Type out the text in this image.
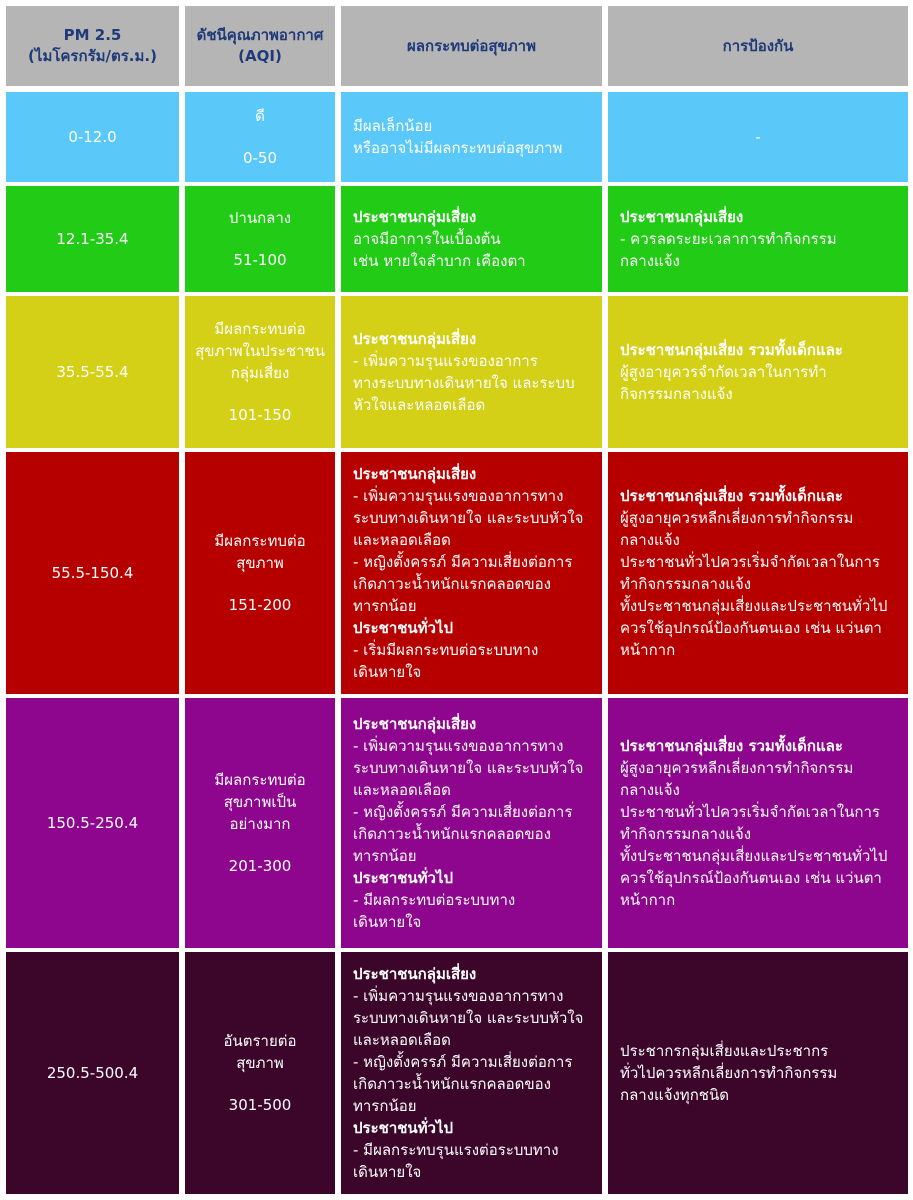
PM 2.5
(ไมโครกรัม/ตร.ม.)
ดัชนีคุณภาพอากาศ
(AQI)
ผลกระทบต่อสุขภาพ	การป้องกัน
0-12.0
ดี
0-50
มีผลเล็กน้อย
หรืออาจไม่มีผลกระทบต่อสุขภาพ
-
12.1-35.4
ปานกลาง
51-100
ประชาชนกลุ่มเสี่ยง
อาจมีอาการในเบื้องต้น
เช่น หายใจลำบาก เคืองตา
ประชาชนกลุ่มเสี่ยง
- ควรลดระยะเวลาการทำกิจกรรม
กลางแจ้ง
35.5-55.4
มีผลกระทบต่อ
สุขภาพในประชาชน
กลุ่มเสี่ยง
101-150
ประชาชนกลุ่มเสี่ยง
- เพิ่มความรุนแรงของอาการ
ทางระบบทางเดินหายใจ และระบบ
หัวใจและหลอดเลือด
ประชาชนกลุ่มเสี่ยง รวมทั้งเด็กและ
ผู้สูงอายุควรจำกัดเวลาในการทำ
กิจกรรมกลางแจ้ง
55.5-150.4
มีผลกระทบต่อ
สุขภาพ
151-200
ประชาชนกลุ่มเสี่ยง
- เพิ่มความรุนแรงของอาการทาง
ระบบทางเดินหายใจ และระบบหัวใจ
และหลอดเลือด
- หญิงตั้งครรภ์ มีความเสี่ยงต่อการ
เกิดภาวะน้ำหนักแรกคลอดของ
ทารกน้อย
ประชาชนทั่วไป
- เริ่มมีผลกระทบต่อระบบทาง
เดินหายใจ
ประชาชนกลุ่มเสี่ยง รวมทั้งเด็กและ
ผู้สูงอายุควรหลีกเลี่ยงการทำกิจกรรม
กลางแจ้ง
ประชาชนทั่วไปควรเริ่มจำกัดเวลาในการ
ทำกิจกรรมกลางแจ้ง
ทั้งประชาชนกลุ่มเสี่ยงและประชาชนทั่วไป
ควรใช้อุปกรณ์ป้องกันตนเอง เช่น แว่นตา
หน้ากาก
150.5-250.4
มีผลกระทบต่อ
สุขภาพเป็น
อย่างมาก
201-300
ประชาชนกลุ่มเสี่ยง
- เพิ่มความรุนแรงของอาการทาง
ระบบทางเดินหายใจ และระบบหัวใจ
และหลอดเลือด
- หญิงตั้งครรภ์ มีความเสี่ยงต่อการ
เกิดภาวะน้ำหนักแรกคลอดของ
ทารกน้อย
ประชาชนทั่วไป
- มีผลกระทบต่อระบบทาง
เดินหายใจ
ประชาชนกลุ่มเสี่ยง รวมทั้งเด็กและ
ผู้สูงอายุควรหลีกเลี่ยงการทำกิจกรรม
กลางแจ้ง
ประชาชนทั่วไปควรเริ่มจำกัดเวลาในการ
ทำกิจกรรมกลางแจ้ง
ทั้งประชาชนกลุ่มเสี่ยงและประชาชนทั่วไป
ควรใช้อุปกรณ์ป้องกันตนเอง เช่น แว่นตา
หน้ากาก
250.5-500.4
อันตรายต่อ
สุขภาพ
301-500
ประชาชนกลุ่มเสี่ยง
- เพิ่มความรุนแรงของอาการทาง
ระบบทางเดินหายใจ และระบบหัวใจ
และหลอดเลือด
- หญิงตั้งครรภ์ มีความเสี่ยงต่อการ
เกิดภาวะน้ำหนักแรกคลอดของ
ทารกน้อย
ประชาชนทั่วไป
- มีผลกระทบรุนแรงต่อระบบทาง
เดินหายใจ
ประชากรกลุ่มเสี่ยงและประชากร
ทั่วไปควรหลีกเลี่ยงการทำกิจกรรม
กลางแจ้งทุกชนิด
